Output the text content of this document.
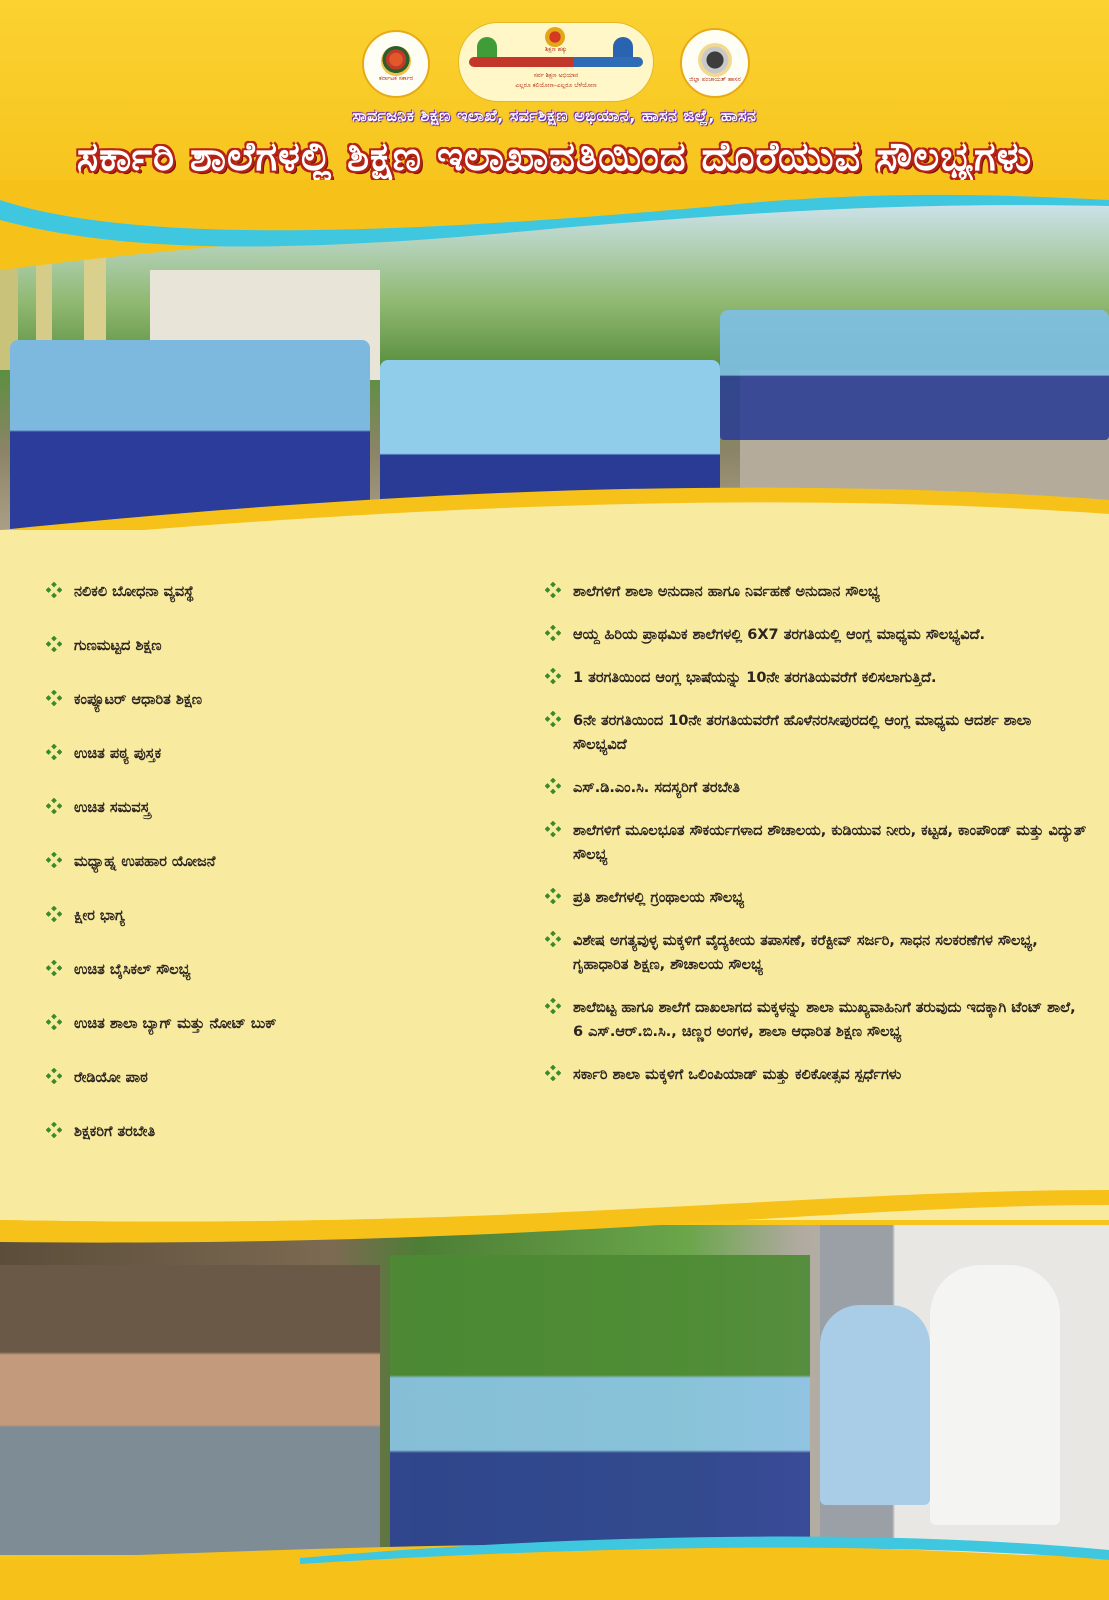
ಕರ್ನಾಟಕ ಸರ್ಕಾರ
ಶಿಕ್ಷಣ ಹಕ್ಕು
ಸರ್ವ ಶಿಕ್ಷಣ ಅಭಿಯಾನ
ಎಲ್ಲರೂ ಕಲಿಯೋಣ–ಎಲ್ಲರೂ ಬೆಳೆಯೋಣ
ಜಿಲ್ಲಾ ಪಂಚಾಯತ್ ಹಾಸನ
ಸಾರ್ವಜನಿಕ ಶಿಕ್ಷಣ ಇಲಾಖೆ, ಸರ್ವಶಿಕ್ಷಣ ಅಭಿಯಾನ, ಹಾಸನ ಜಿಲ್ಲೆ, ಹಾಸನ
ಸರ್ಕಾರಿ ಶಾಲೆಗಳಲ್ಲಿ ಶಿಕ್ಷಣ ಇಲಾಖಾವತಿಯಿಂದ ದೊರೆಯುವ ಸೌಲಭ್ಯಗಳು
ನಲಿಕಲಿ ಬೋಧನಾ ವ್ಯವಸ್ಥೆ
ಗುಣಮಟ್ಟದ ಶಿಕ್ಷಣ
ಕಂಪ್ಯೂಟರ್ ಆಧಾರಿತ ಶಿಕ್ಷಣ
ಉಚಿತ ಪಠ್ಯ ಪುಸ್ತಕ
ಉಚಿತ ಸಮವಸ್ತ್ರ
ಮಧ್ಯಾಹ್ನ ಉಪಹಾರ ಯೋಜನೆ
ಕ್ಷೀರ ಭಾಗ್ಯ
ಉಚಿತ ಬೈಸಿಕಲ್ ಸೌಲಭ್ಯ
ಉಚಿತ ಶಾಲಾ ಬ್ಯಾಗ್ ಮತ್ತು ನೋಟ್ ಬುಕ್
ರೇಡಿಯೋ ಪಾಠ
ಶಿಕ್ಷಕರಿಗೆ ತರಬೇತಿ
ಶಾಲೆಗಳಿಗೆ ಶಾಲಾ ಅನುದಾನ ಹಾಗೂ ನಿರ್ವಹಣೆ ಅನುದಾನ ಸೌಲಭ್ಯ
ಆಯ್ದ ಹಿರಿಯ ಪ್ರಾಥಮಿಕ ಶಾಲೆಗಳಲ್ಲಿ 6X7 ತರಗತಿಯಲ್ಲಿ ಆಂಗ್ಲ ಮಾಧ್ಯಮ ಸೌಲಭ್ಯವಿದೆ.
1 ತರಗತಿಯಿಂದ ಆಂಗ್ಲ ಭಾಷೆಯನ್ನು 10ನೇ ತರಗತಿಯವರೆಗೆ ಕಲಿಸಲಾಗುತ್ತಿದೆ.
6ನೇ ತರಗತಿಯಿಂದ 10ನೇ ತರಗತಿಯವರೆಗೆ ಹೊಳೆನರಸೀಪುರದಲ್ಲಿ ಆಂಗ್ಲ ಮಾಧ್ಯಮ ಆದರ್ಶ ಶಾಲಾ ಸೌಲಭ್ಯವಿದೆ
ಎಸ್.ಡಿ.ಎಂ.ಸಿ. ಸದಸ್ಯರಿಗೆ ತರಬೇತಿ
ಶಾಲೆಗಳಿಗೆ ಮೂಲಭೂತ ಸೌಕರ್ಯಗಳಾದ ಶೌಚಾಲಯ, ಕುಡಿಯುವ ನೀರು, ಕಟ್ಟಡ, ಕಾಂಪೌಂಡ್ ಮತ್ತು ವಿದ್ಯುತ್ ಸೌಲಭ್ಯ
ಪ್ರತಿ ಶಾಲೆಗಳಲ್ಲಿ ಗ್ರಂಥಾಲಯ ಸೌಲಭ್ಯ
ವಿಶೇಷ ಅಗತ್ಯವುಳ್ಳ ಮಕ್ಕಳಿಗೆ ವೈದ್ಯಕೀಯ ತಪಾಸಣೆ, ಕರೆಕ್ಟೀವ್ ಸರ್ಜರಿ, ಸಾಧನ ಸಲಕರಣೆಗಳ ಸೌಲಭ್ಯ, ಗೃಹಾಧಾರಿತ ಶಿಕ್ಷಣ, ಶೌಚಾಲಯ ಸೌಲಭ್ಯ
ಶಾಲೆಬಿಟ್ಟ ಹಾಗೂ ಶಾಲೆಗೆ ದಾಖಲಾಗದ ಮಕ್ಕಳನ್ನು ಶಾಲಾ ಮುಖ್ಯವಾಹಿನಿಗೆ ತರುವುದು ಇದಕ್ಕಾಗಿ ಟೆಂಟ್ ಶಾಲೆ, 6 ಎಸ್.ಆರ್.ಬಿ.ಸಿ., ಚಿಣ್ಣರ ಅಂಗಳ, ಶಾಲಾ ಆಧಾರಿತ ಶಿಕ್ಷಣ ಸೌಲಭ್ಯ
ಸರ್ಕಾರಿ ಶಾಲಾ ಮಕ್ಕಳಿಗೆ ಒಲಿಂಪಿಯಾಡ್ ಮತ್ತು ಕಲಿಕೋತ್ಸವ ಸ್ಪರ್ಧೆಗಳು
